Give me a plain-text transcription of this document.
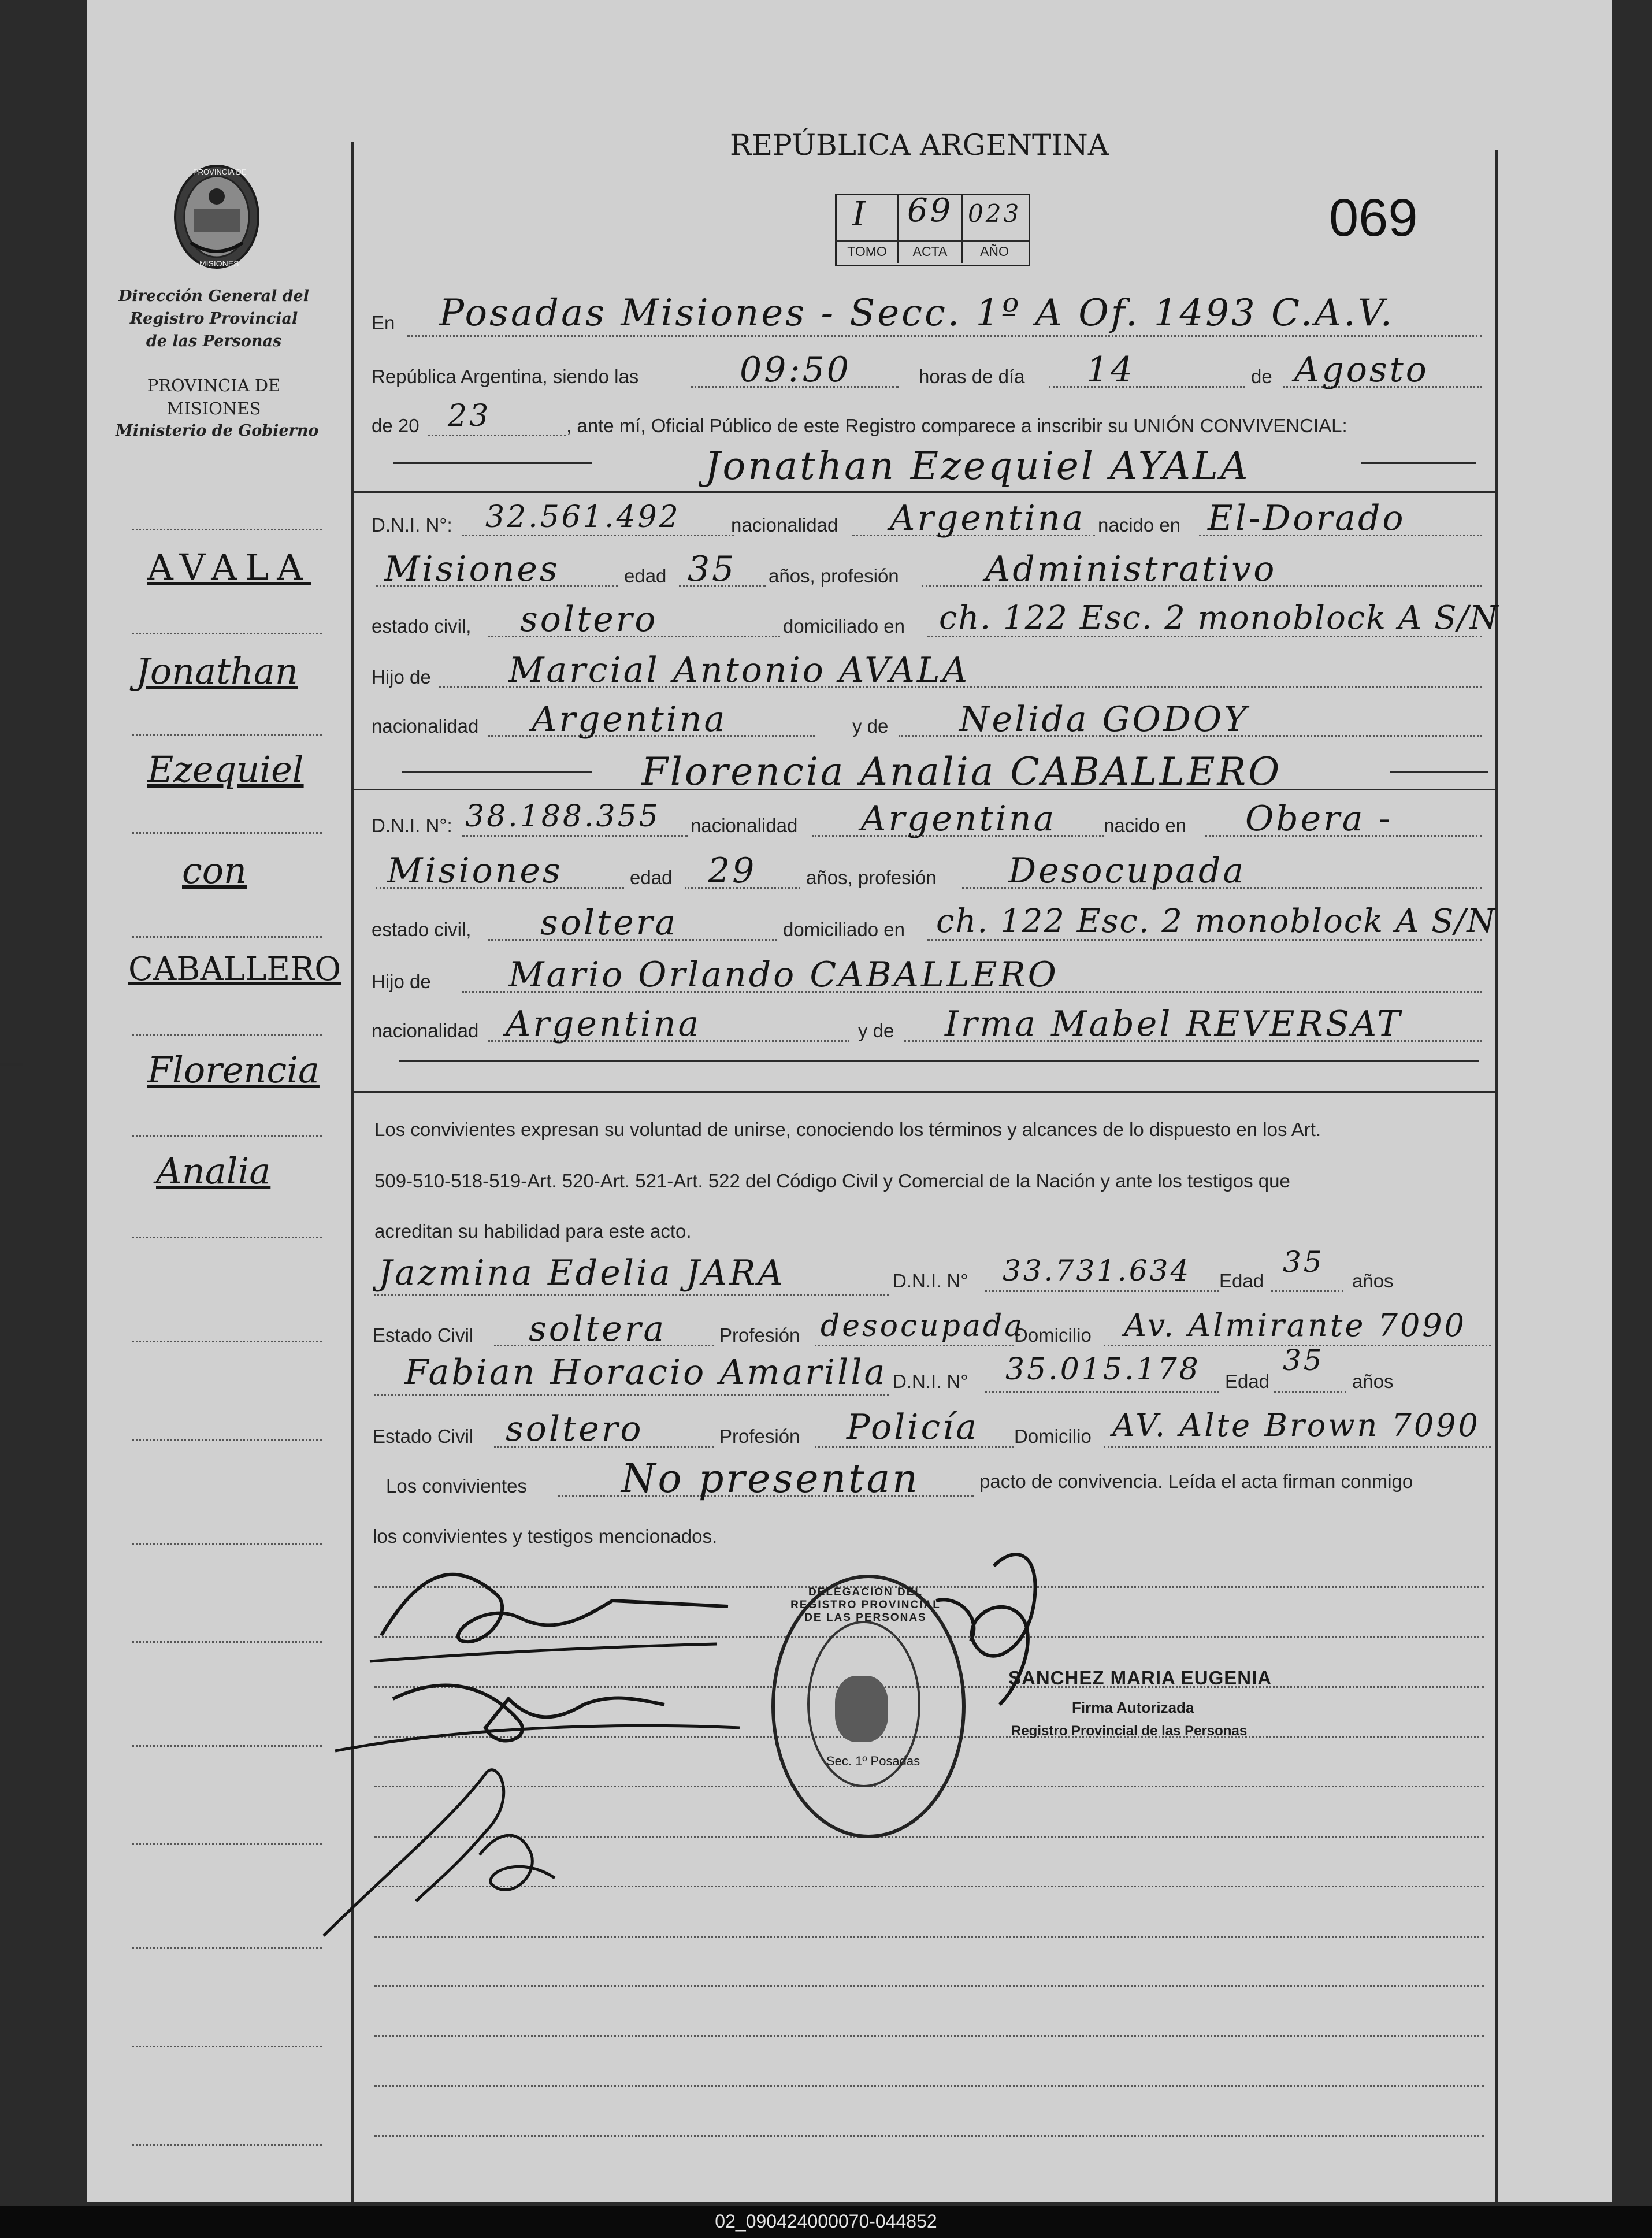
02_090424000070-044852
REPÚBLICA ARGENTINA
069
I 69 023
TOMO	ACTA	AÑO
PROVINCIA DE
MISIONES
Dirección General del
Registro Provincial
de las Personas
PROVINCIA DE
MISIONES
Ministerio de Gobierno
AVALA
Jonathan
Ezequiel
con
CABALLERO
Florencia
Analia
En Posadas Misiones - Secc. 1º A Of. 1493 C.A.V.
República Argentina, siendo las	09:50	horas de día 14	de Agosto
de 20 23	, ante mí, Oficial Público de este Registro comparece a inscribir su UNIÓN CONVIVENCIAL:
Jonathan Ezequiel AYALA
D.N.I. N°: 32.561.492	nacionalidad Argentina nacido en El-Dorado
Misiones	edad 35 años, profesión Administrativo
estado civil, soltero	domiciliado en ch. 122 Esc. 2 monoblock A S/N
Hijo de Marcial Antonio AVALA
nacionalidad Argentina	y de Nelida GODOY
Florencia Analia CABALLERO
D.N.I. N°: 38.188.355 nacionalidad Argentina nacido en Obera -
Misiones	edad 29	años, profesión Desocupada
estado civil, soltera	domiciliado en ch. 122 Esc. 2 monoblock A S/N
Hijo de Mario Orlando CABALLERO
nacionalidad Argentina	y de Irma Mabel REVERSAT
Los convivientes expresan su voluntad de unirse, conociendo los términos y alcances de lo dispuesto en los Art.
509-510-518-519-Art. 520-Art. 521-Art. 522 del Código Civil y Comercial de la Nación y ante los testigos que
acreditan su habilidad para este acto.
Jazmina Edelia JARA	D.N.I. N° 33.731.634 Edad
35
años
Estado Civil soltera	Profesión desocupada
Domicilio Av. Almirante 7090
Fabian Horacio Amarilla D.N.I. N° 35.015.178 Edad
35
años
Estado Civil soltero	Profesión Policía Domicilio AV. Alte Brown 7090
Los convivientes No presentan	pacto de convivencia. Leída el acta firman conmigo
los convivientes y testigos mencionados.
DELEGACION DEL REGISTRO PROVINCIAL DE LAS PERSONAS
Sec. 1º Posadas
SANCHEZ MARIA EUGENIA
Firma Autorizada
Registro Provincial de las Personas
